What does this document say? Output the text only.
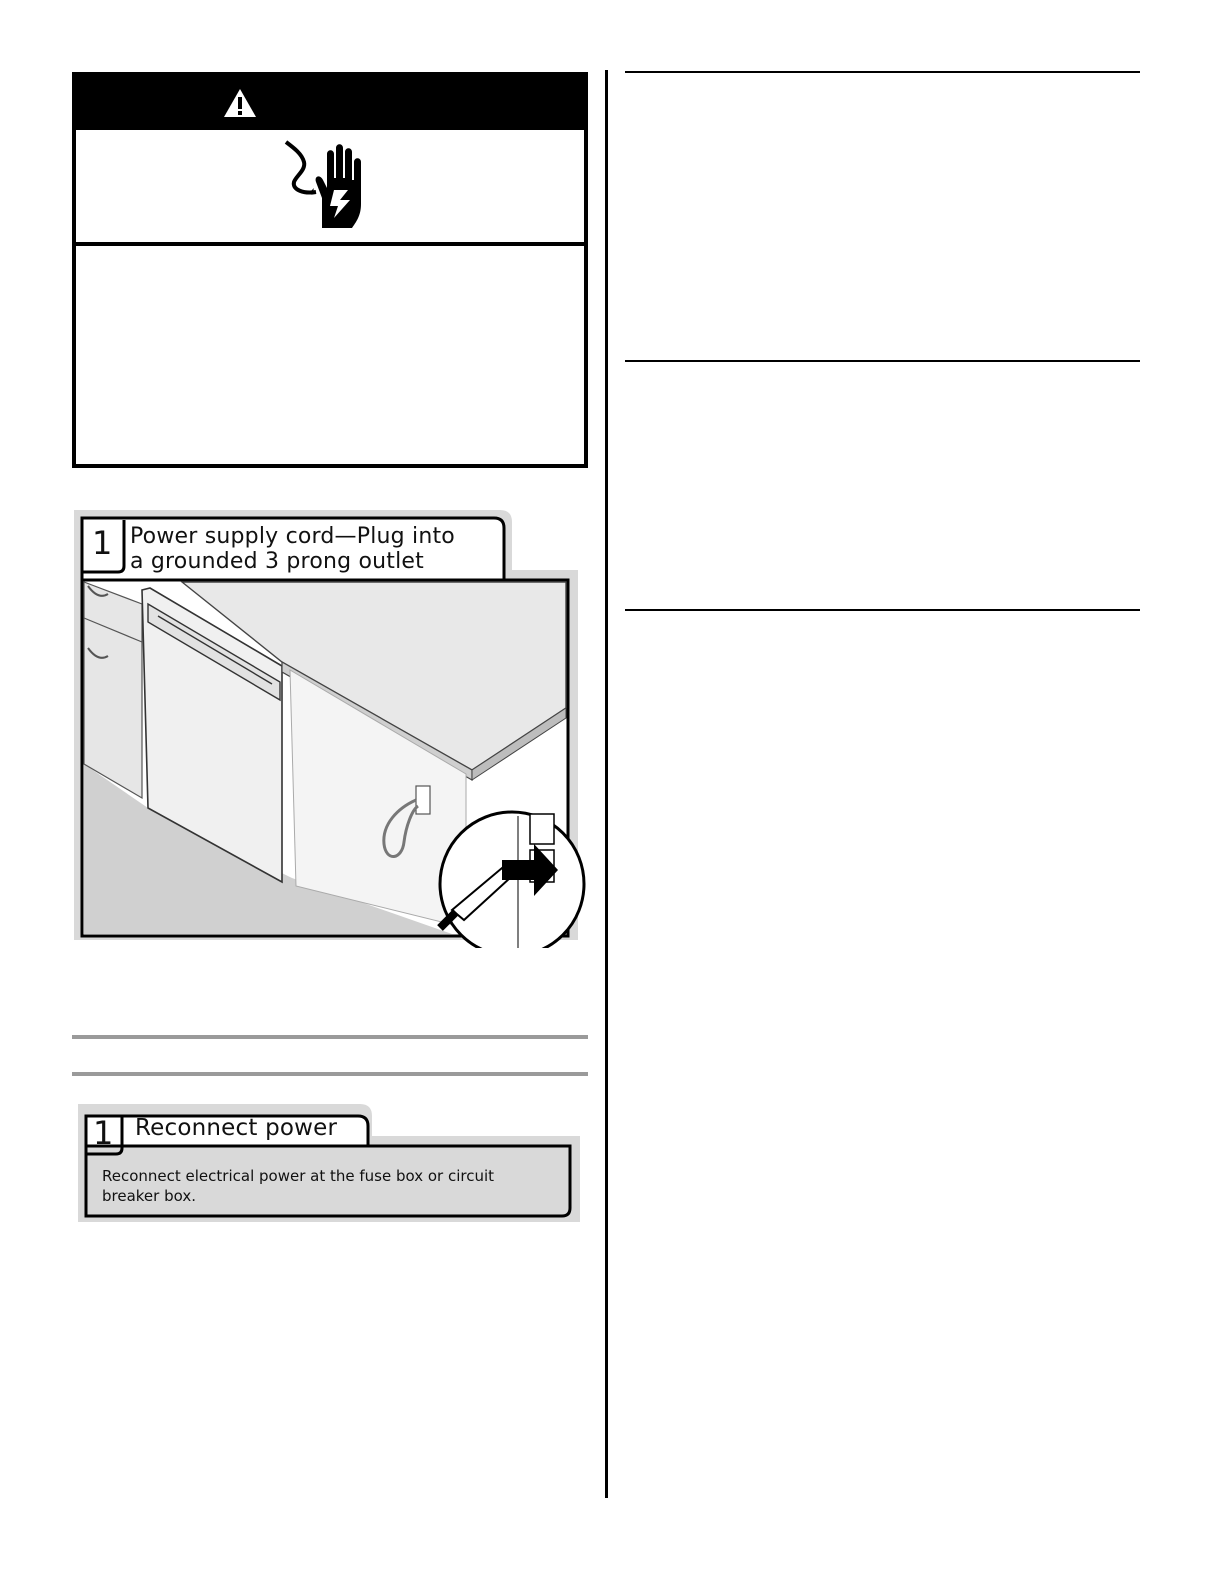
1 Power supply cord—Plug into
a grounded 3 prong outlet
1 Reconnect power
Reconnect electrical power at the fuse box or circuit
breaker box.
